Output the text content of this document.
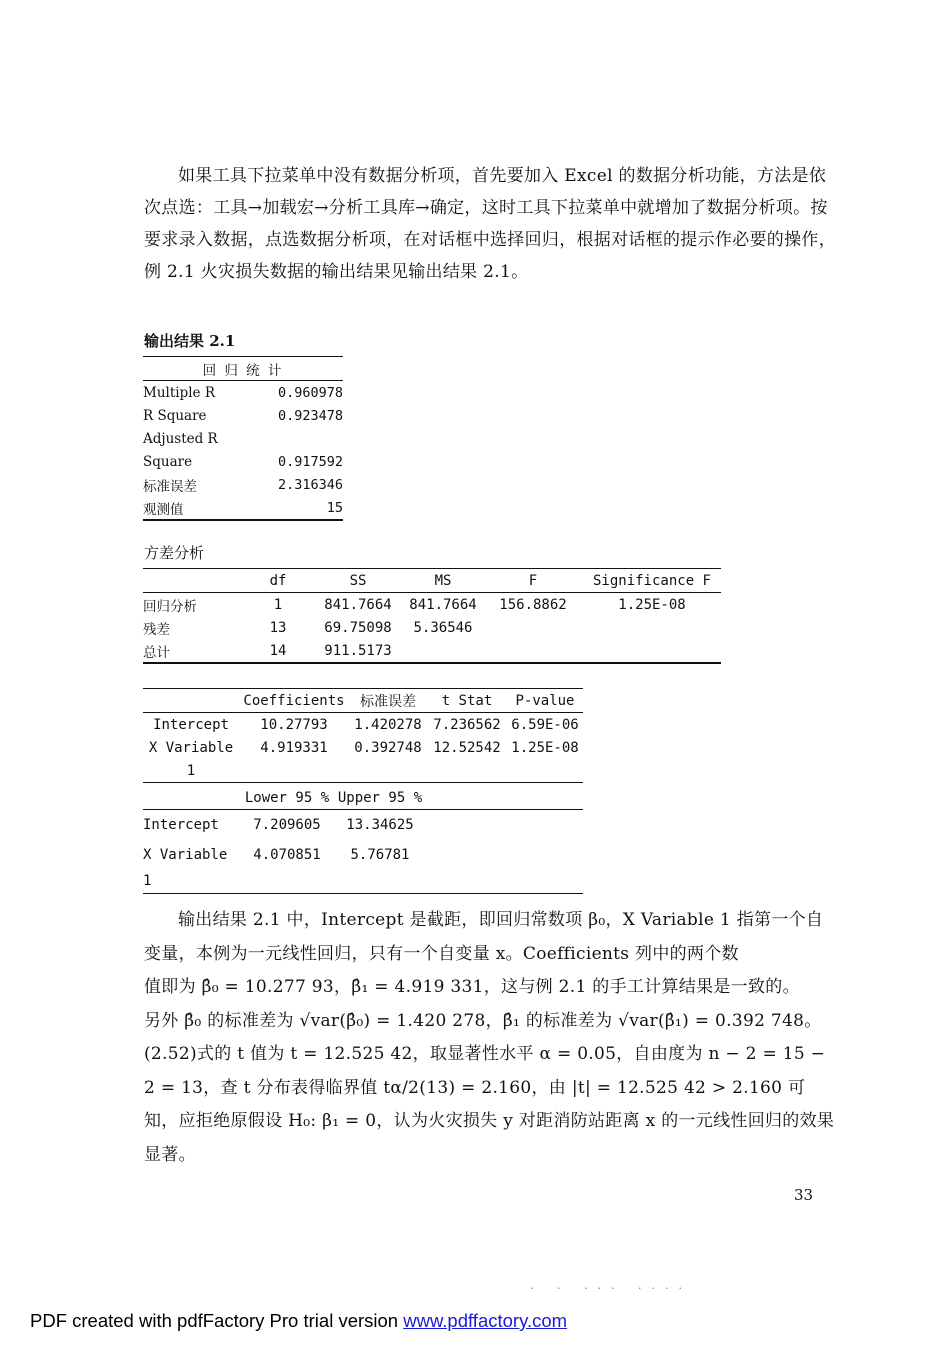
如果工具下拉菜单中没有数据分析项，首先要加入 Excel 的数据分析功能，方法是依次点选：工具→加载宏→分析工具库→确定，这时工具下拉菜单中就增加了数据分析项。按要求录入数据，点选数据分析项，在对话框中选择回归，根据对话框的提示作必要的操作，例 2.1 火灾损失数据的输出结果见输出结果 2.1。

输出结果 2.1
回 归 统 计	
Multiple R	0.960978
R Square	0.923478
Adjusted R	
Square	0.917592
标准误差	2.316346
观测值	15
方差分析
	df	SS	MS	F	Significance F
回归分析	1	841.7664	841.7664	156.8862	1.25E-08
残差	13	69.75098	5.36546		
总计	14	911.5173			
	Coefficients	标准误差	t Stat	P-value
Intercept	10.27793	1.420278	7.236562	6.59E-06
X Variable	4.919331	0.392748	12.52542	1.25E-08
1				
	Lower 95 %	Upper 95 %	
Intercept	7.209605	13.34625	
X Variable	4.070851	5.76781	
1			

输出结果 2.1 中，Intercept 是截距，即回归常数项 β₀，X Variable 1 指第一个自变量，本例为一元线性回归，只有一个自变量 x。Coefficients 列中的两个数

值即为 β̂₀ = 10.277 93，β̂₁ = 4.919 331，这与例 2.1 的手工计算结果是一致的。

另外 β̂₀ 的标准差为 √var(β̂₀) = 1.420 278，β̂₁ 的标准差为 √var(β̂₁) = 0.392 748。

(2.52)式的 t 值为 t = 12.525 42，取显著性水平 α = 0.05，自由度为 n − 2 = 15 − 2 = 13，查 t 分布表得临界值 tα/2(13) = 2.160，由 |t| = 12.525 42 > 2.160 可知，应拒绝原假设 H₀: β₁ = 0，认为火灾损失 y 对距消防站距离 x 的一元线性回归的效果显著。

33
· · ··· ····
PDF created with pdfFactory Pro trial version www.pdffactory.com
